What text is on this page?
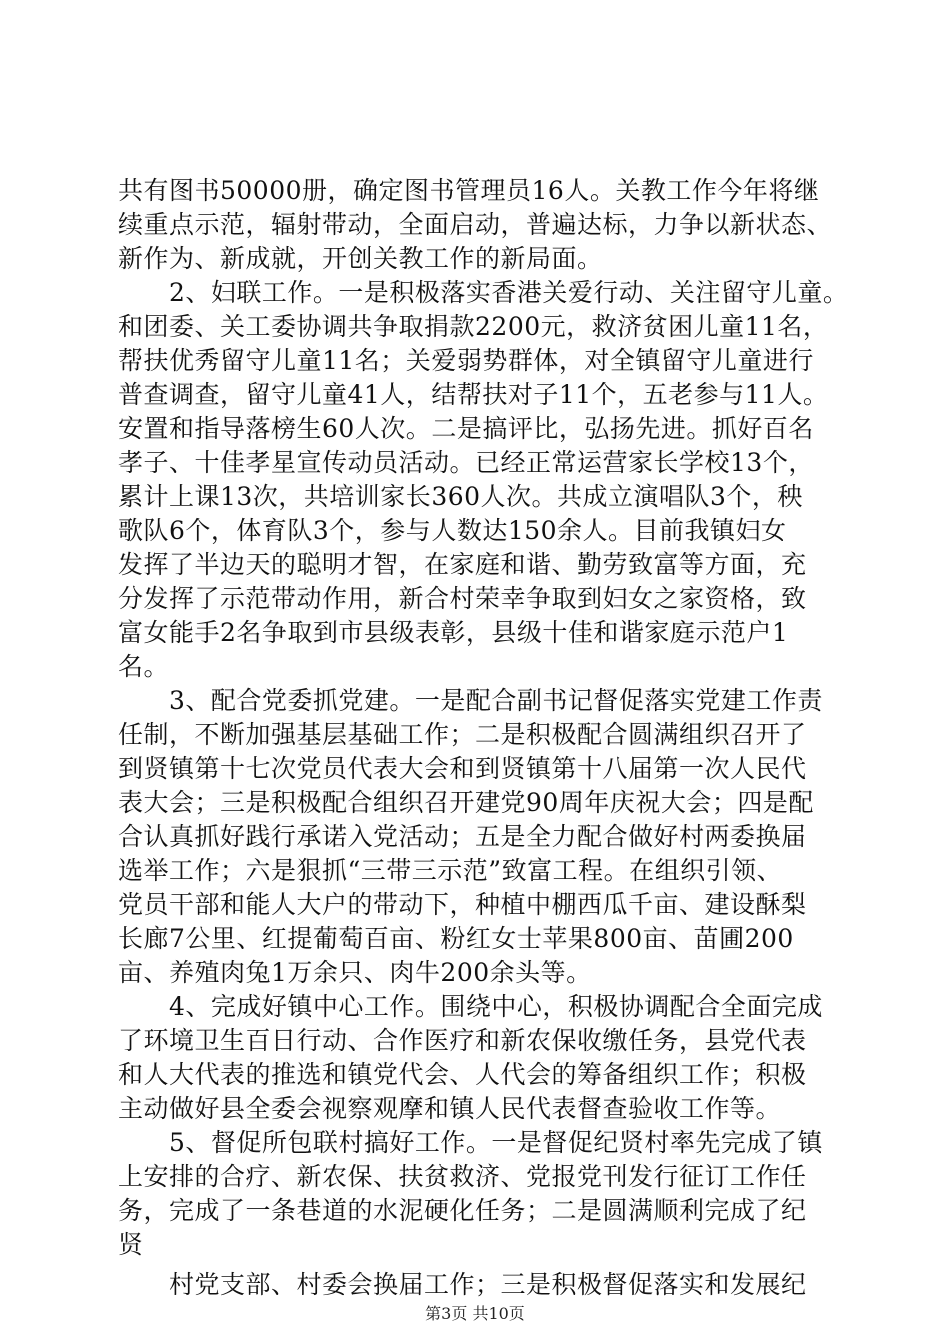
共有图书50000册，确定图书管理员16人。关教工作今年将继
续重点示范，辐射带动，全面启动，普遍达标，力争以新状态、
新作为、新成就，开创关教工作的新局面。
　　2、妇联工作。一是积极落实香港关爱行动、关注留守儿童。
和团委、关工委协调共争取捐款2200元，救济贫困儿童11名，
帮扶优秀留守儿童11名；关爱弱势群体，对全镇留守儿童进行
普查调查，留守儿童41人，结帮扶对子11个，五老参与11人。
安置和指导落榜生60人次。二是搞评比，弘扬先进。抓好百名
孝子、十佳孝星宣传动员活动。已经正常运营家长学校13个，
累计上课13次，共培训家长360人次。共成立演唱队3个，秧
歌队6个，体育队3个，参与人数达150余人。目前我镇妇女
发挥了半边天的聪明才智，在家庭和谐、勤劳致富等方面，充
分发挥了示范带动作用，新合村荣幸争取到妇女之家资格，致
富女能手2名争取到市县级表彰，县级十佳和谐家庭示范户1
名。
　　3、配合党委抓党建。一是配合副书记督促落实党建工作责
任制，不断加强基层基础工作；二是积极配合圆满组织召开了
到贤镇第十七次党员代表大会和到贤镇第十八届第一次人民代
表大会；三是积极配合组织召开建党90周年庆祝大会；四是配
合认真抓好践行承诺入党活动；五是全力配合做好村两委换届
选举工作；六是狠抓“三带三示范”致富工程。在组织引领、
党员干部和能人大户的带动下，种植中棚西瓜千亩、建设酥梨
长廊7公里、红提葡萄百亩、粉红女士苹果800亩、苗圃200
亩、养殖肉兔1万余只、肉牛200余头等。
　　4、完成好镇中心工作。围绕中心，积极协调配合全面完成
了环境卫生百日行动、合作医疗和新农保收缴任务，县党代表
和人大代表的推选和镇党代会、人代会的筹备组织工作；积极
主动做好县全委会视察观摩和镇人民代表督查验收工作等。
　　5、督促所包联村搞好工作。一是督促纪贤村率先完成了镇
上安排的合疗、新农保、扶贫救济、党报党刊发行征订工作任
务，完成了一条巷道的水泥硬化任务；二是圆满顺利完成了纪
贤
　　村党支部、村委会换届工作；三是积极督促落实和发展纪
第3页 共10页
